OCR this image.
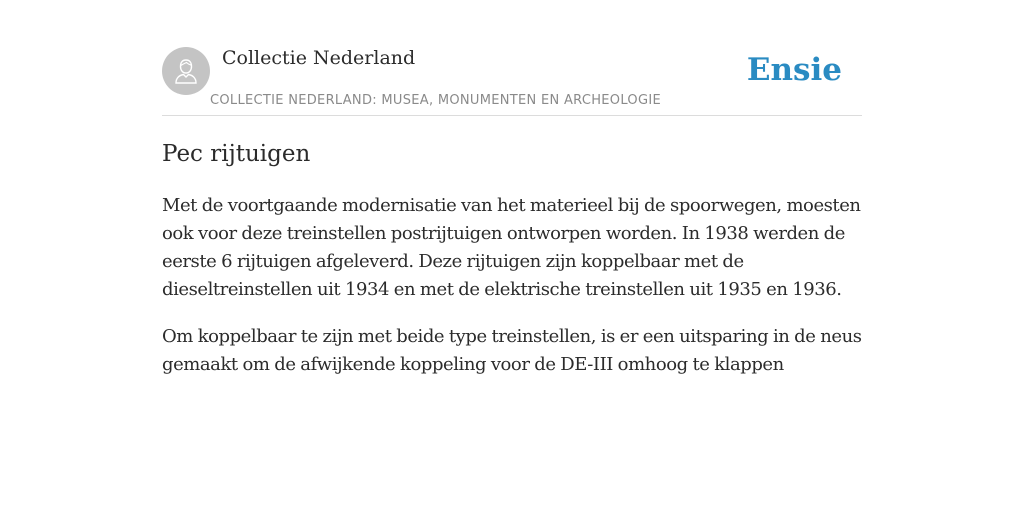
Collectie Nederland
COLLECTIE NEDERLAND: MUSEA, MONUMENTEN EN ARCHEOLOGIE
Ensie
Pec rijtuigen

Met de voortgaande modernisatie van het materieel bij de spoorwegen, moesten ook voor deze treinstellen postrijtuigen ontworpen worden. In 1938 werden de eerste 6 rijtuigen afgeleverd. Deze rijtuigen zijn koppelbaar met de dieseltreinstellen uit 1934 en met de elektrische treinstellen uit 1935 en 1936.

Om koppelbaar te zijn met beide type treinstellen, is er een uitsparing in de neus gemaakt om de afwijkende koppeling voor de DE-III omhoog te klappen
